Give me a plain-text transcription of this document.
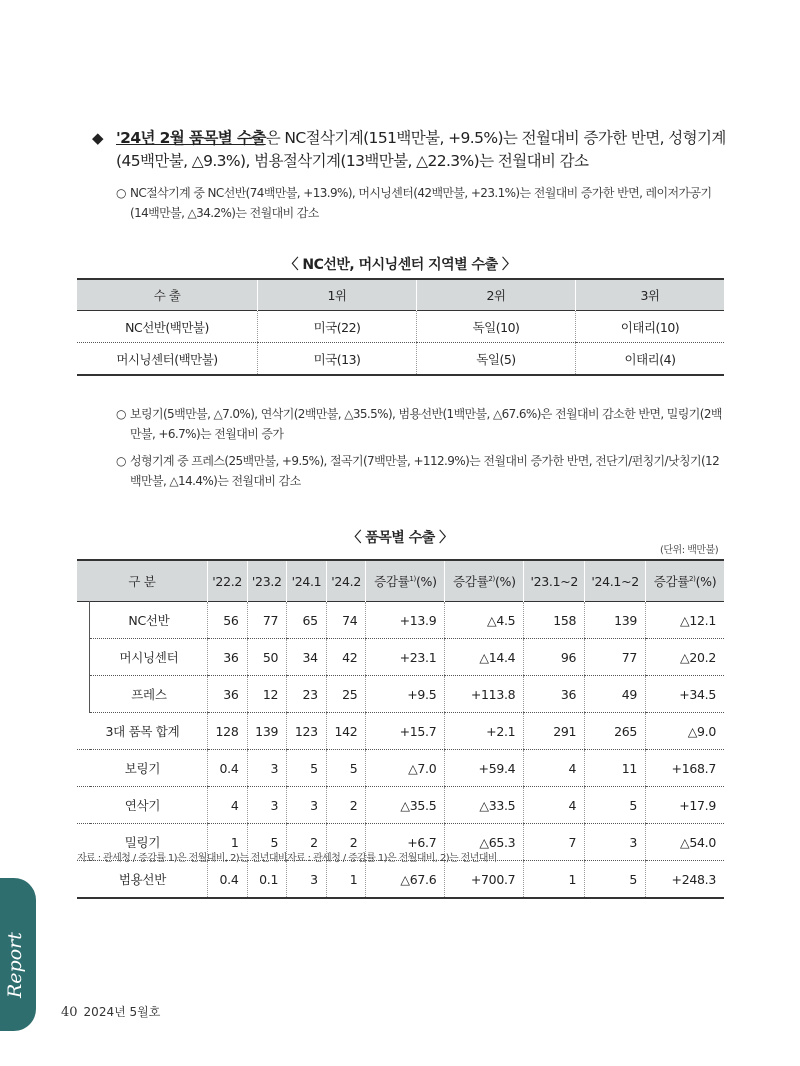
◆ '24년 2월 품목별 수출은 NC절삭기계(151백만불, +9.5%)는 전월대비 증가한 반면, 성형기계(45백만불, △9.3%), 범용절삭기계(13백만불, △22.3%)는 전월대비 감소
○ NC절삭기계 중 NC선반(74백만불, +13.9%), 머시닝센터(42백만불, +23.1%)는 전월대비 증가한 반면, 레이저가공기(14백만불, △34.2%)는 전월대비 감소
〈 NC선반, 머시닝센터 지역별 수출 〉
수 출	1위	2위	3위
NC선반(백만불)	미국(22)	독일(10)	이태리(10)
머시닝센터(백만불)	미국(13)	독일(5)	이태리(4)
○ 보링기(5백만불, △7.0%), 연삭기(2백만불, △35.5%), 범용선반(1백만불, △67.6%)은 전월대비 감소한 반면, 밀링기(2백만불, +6.7%)는 전월대비 증가
○ 성형기계 중 프레스(25백만불, +9.5%), 절곡기(7백만불, +112.9%)는 전월대비 증가한 반면, 전단기/펀칭기/낫칭기(12백만불, △14.4%)는 전월대비 감소
〈 품목별 수출 〉
(단위: 백만불)
구 분		'22.2	'23.2	'24.1	'24.2	증감률$^{1)}$(%)	증감률$^{2)}$(%)	'23.1~2	'24.1~2	증감률$^{2)}$(%)
	NC선반	56	77	65	74	+13.9	△4.5	158	139	△12.1
	머시닝센터	36	50	34	42	+23.1	△14.4	96	77	△20.2
	프레스	36	12	23	25	+9.5	+113.8	36	49	+34.5
3대 품목 합계		128	139	123	142	+15.7	+2.1	291	265	△9.0
보링기		0.4	3	5	5	△7.0	+59.4	4	11	+168.7
연삭기		4	3	3	2	△35.5	△33.5	4	5	+17.9
밀링기		1	5	2	2	+6.7	△65.3	7	3	△54.0
범용선반		0.4	0.1	3	1	△67.6	+700.7	1	5	+248.3
자료 : 관세청 / 증감률 1)은 전월대비, 2)는 전년대비자료 : 관세청 / 증감률 1)은 전월대비, 2)는 전년대비
Report
40 2024년 5월호
